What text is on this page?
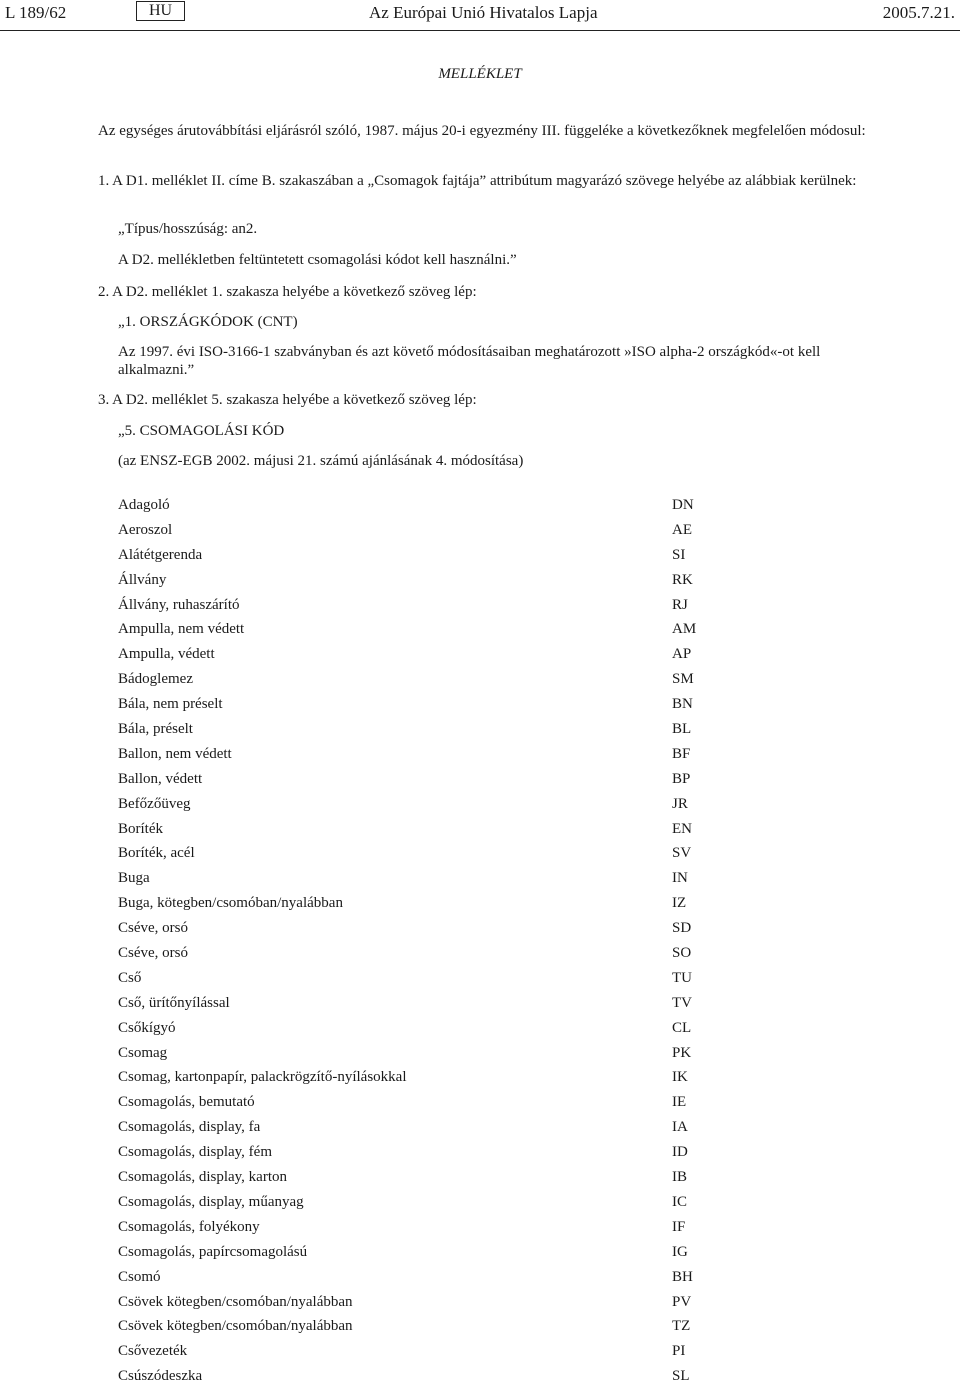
L 189/62	HU	Az Európai Unió Hivatalos Lapja	2005.7.21.
MELLÉKLET
Az egységes árutovábbítási eljárásról szóló, 1987. május 20-i egyezmény III. függeléke a következőknek megfelelően módosul:
1. A D1. melléklet II. címe B. szakaszában a „Csomagok fajtája” attribútum magyarázó szövege helyébe az alábbiak kerülnek:
„Típus/hosszúság: an2.
A D2. mellékletben feltüntetett csomagolási kódot kell használni.”
2. A D2. melléklet 1. szakasza helyébe a következő szöveg lép:
„1. ORSZÁGKÓDOK (CNT)
Az 1997. évi ISO-3166-1 szabványban és azt követő módosításaiban meghatározott »ISO alpha-2 országkód«-ot kell alkalmazni.”
3. A D2. melléklet 5. szakasza helyébe a következő szöveg lép:
„5. CSOMAGOLÁSI KÓD
(az ENSZ-EGB 2002. májusi 21. számú ajánlásának 4. módosítása)
Adagoló	DN
Aeroszol	AE
Alátétgerenda	SI
Állvány	RK
Állvány, ruhaszárító	RJ
Ampulla, nem védett	AM
Ampulla, védett	AP
Bádoglemez	SM
Bála, nem préselt	BN
Bála, préselt	BL
Ballon, nem védett	BF
Ballon, védett	BP
Befőzőüveg	JR
Boríték	EN
Boríték, acél	SV
Buga	IN
Buga, kötegben/csomóban/nyalábban	IZ
Cséve, orsó	SD
Cséve, orsó	SO
Cső	TU
Cső, ürítőnyílással	TV
Csőkígyó	CL
Csomag	PK
Csomag, kartonpapír, palackrögzítő-nyílásokkal	IK
Csomagolás, bemutató	IE
Csomagolás, display, fa	IA
Csomagolás, display, fém	ID
Csomagolás, display, karton	IB
Csomagolás, display, műanyag	IC
Csomagolás, folyékony	IF
Csomagolás, papírcsomagolású	IG
Csomó	BH
Csövek kötegben/csomóban/nyalábban	PV
Csövek kötegben/csomóban/nyalábban	TZ
Csővezeték	PI
Csúszódeszka	SL
